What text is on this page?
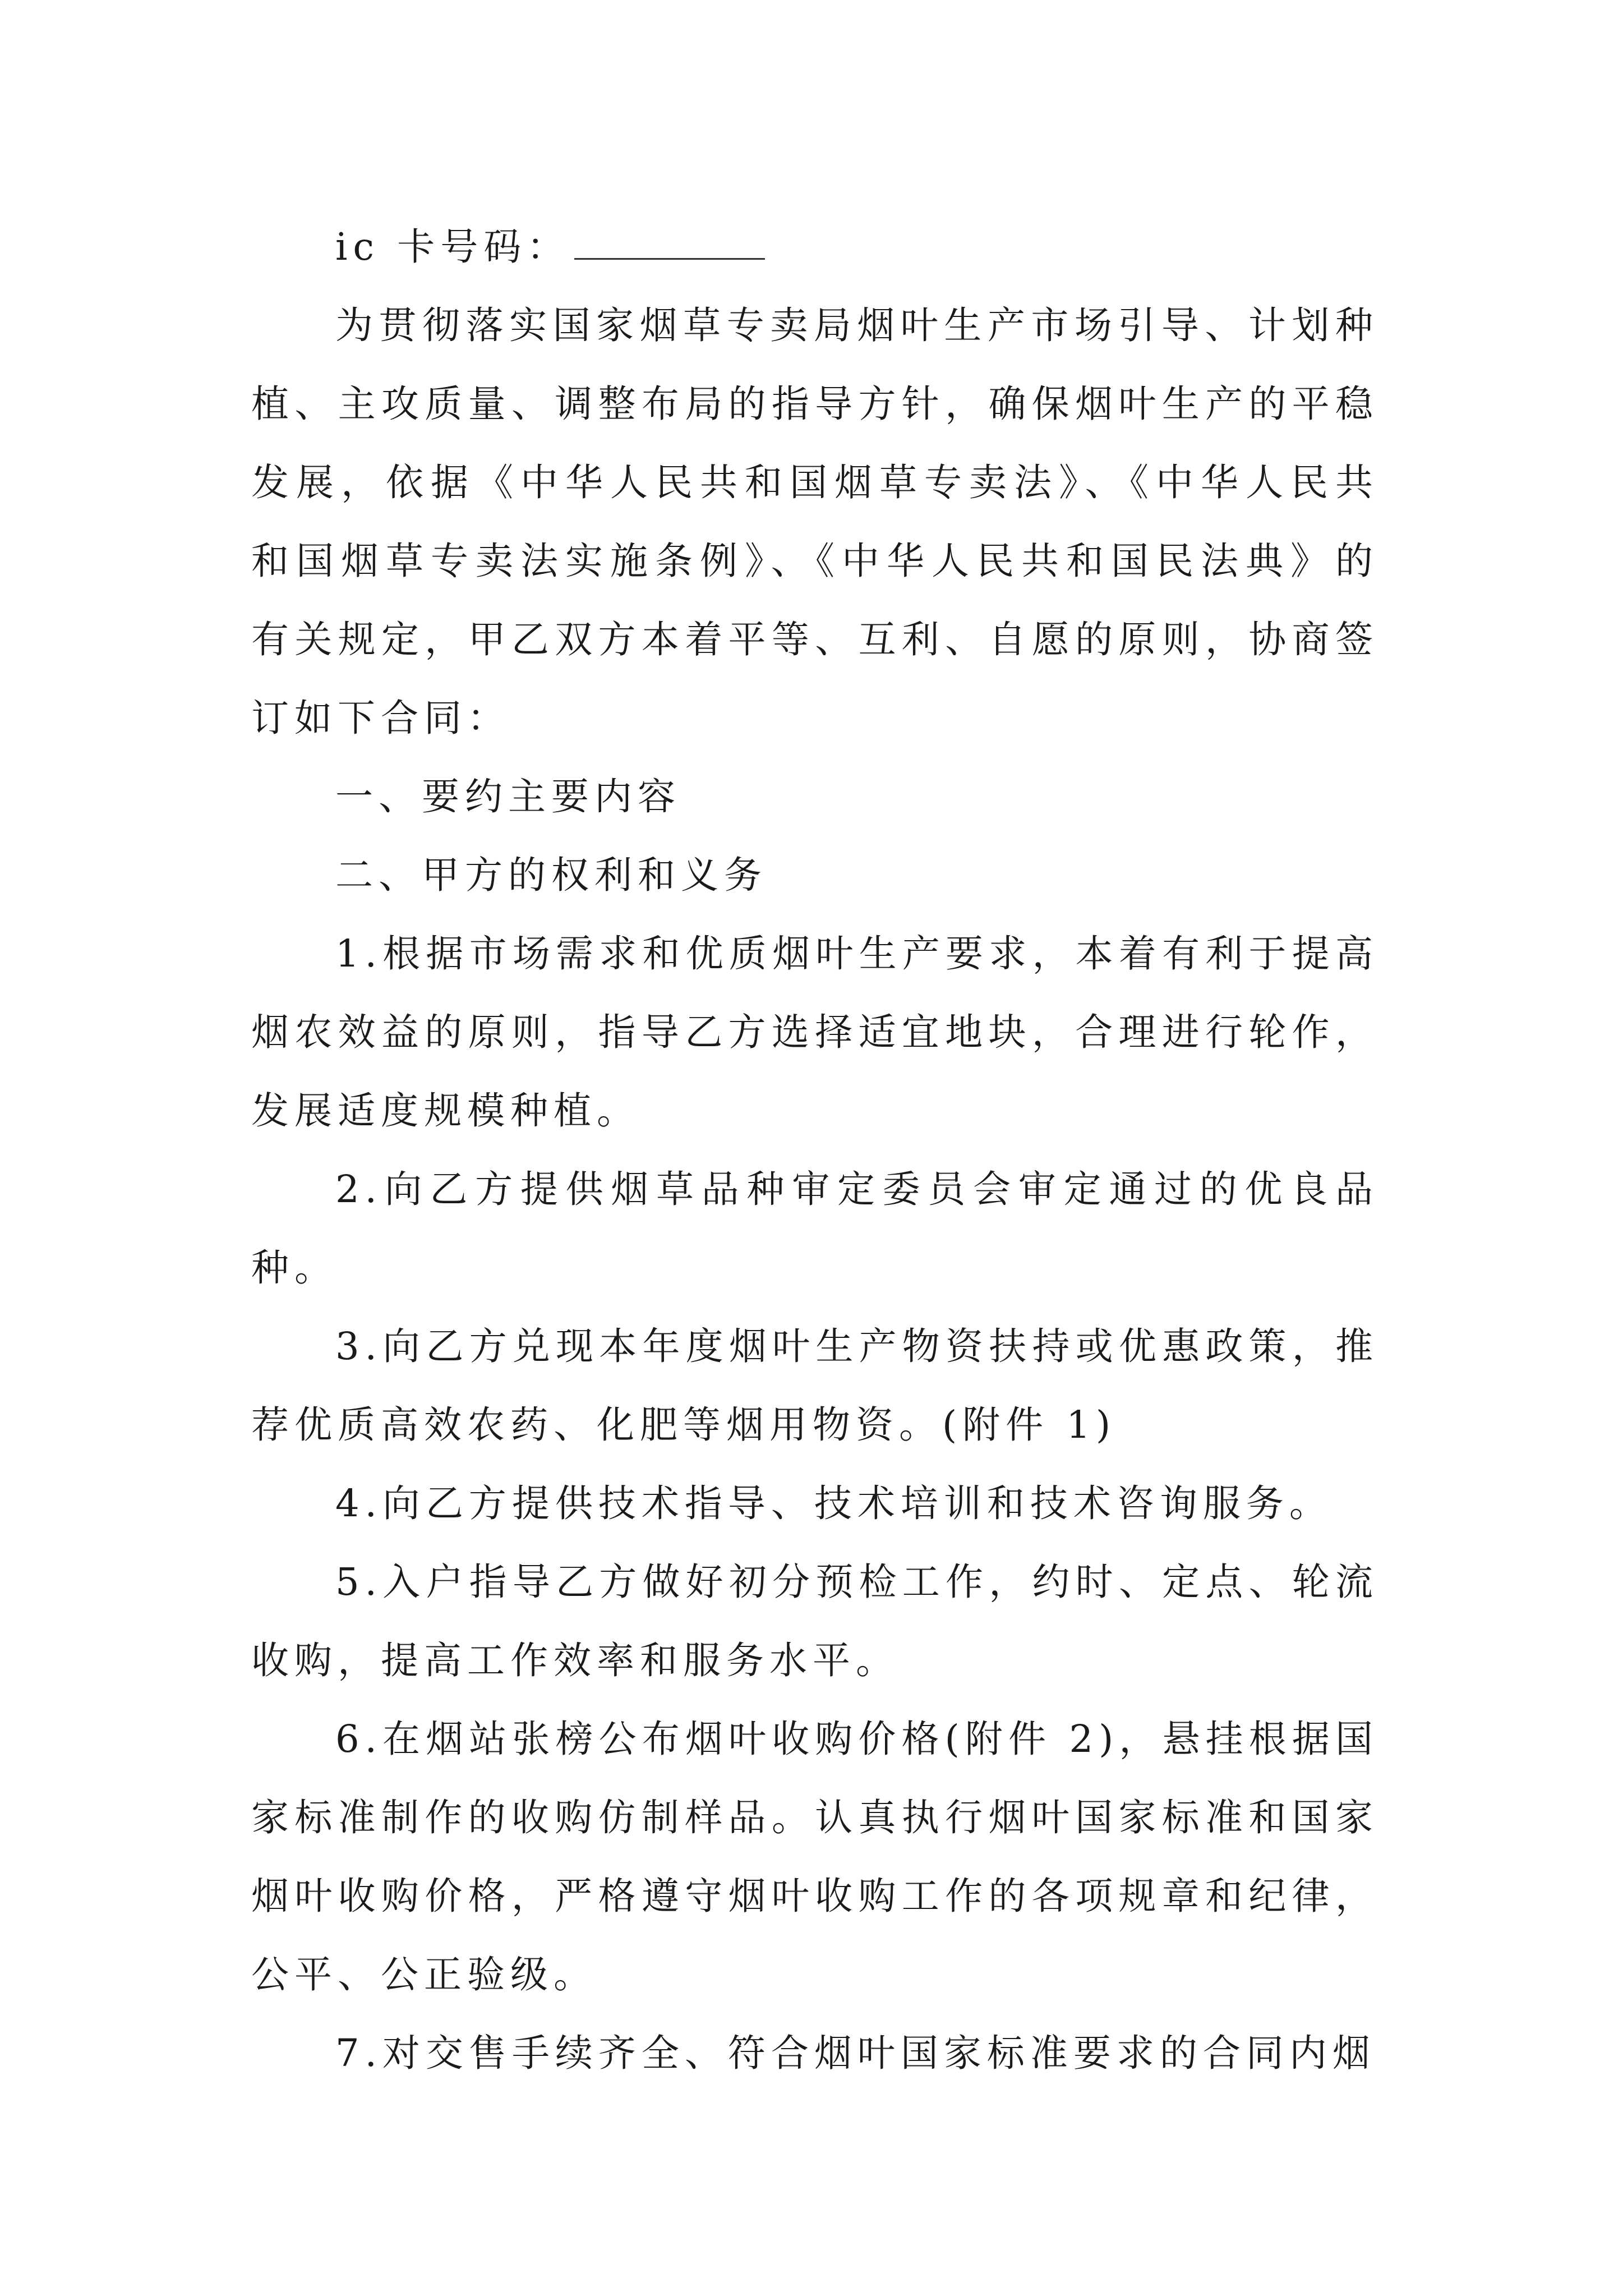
ic 卡号码：

为贯彻落实国家烟草专卖局烟叶生产市场引导、计划种植、主攻质量、调整布局的指导方针，确保烟叶生产的平稳发展，依据《中华人民共和国烟草专卖法》、《中华人民共和国烟草专卖法实施条例》、《中华人民共和国民法典》的有关规定，甲乙双方本着平等、互利、自愿的原则，协商签订如下合同：

一、要约主要内容

二、甲方的权利和义务

1.根据市场需求和优质烟叶生产要求，本着有利于提高烟农效益的原则，指导乙方选择适宜地块，合理进行轮作，发展适度规模种植。

2.向乙方提供烟草品种审定委员会审定通过的优良品种。

3.向乙方兑现本年度烟叶生产物资扶持或优惠政策，推荐优质高效农药、化肥等烟用物资。(附件 1)

4.向乙方提供技术指导、技术培训和技术咨询服务。

5.入户指导乙方做好初分预检工作，约时、定点、轮流收购，提高工作效率和服务水平。

6.在烟站张榜公布烟叶收购价格(附件 2)，悬挂根据国家标准制作的收购仿制样品。认真执行烟叶国家标准和国家烟叶收购价格，严格遵守烟叶收购工作的各项规章和纪律，公平、公正验级。

7.对交售手续齐全、符合烟叶国家标准要求的合同内烟
